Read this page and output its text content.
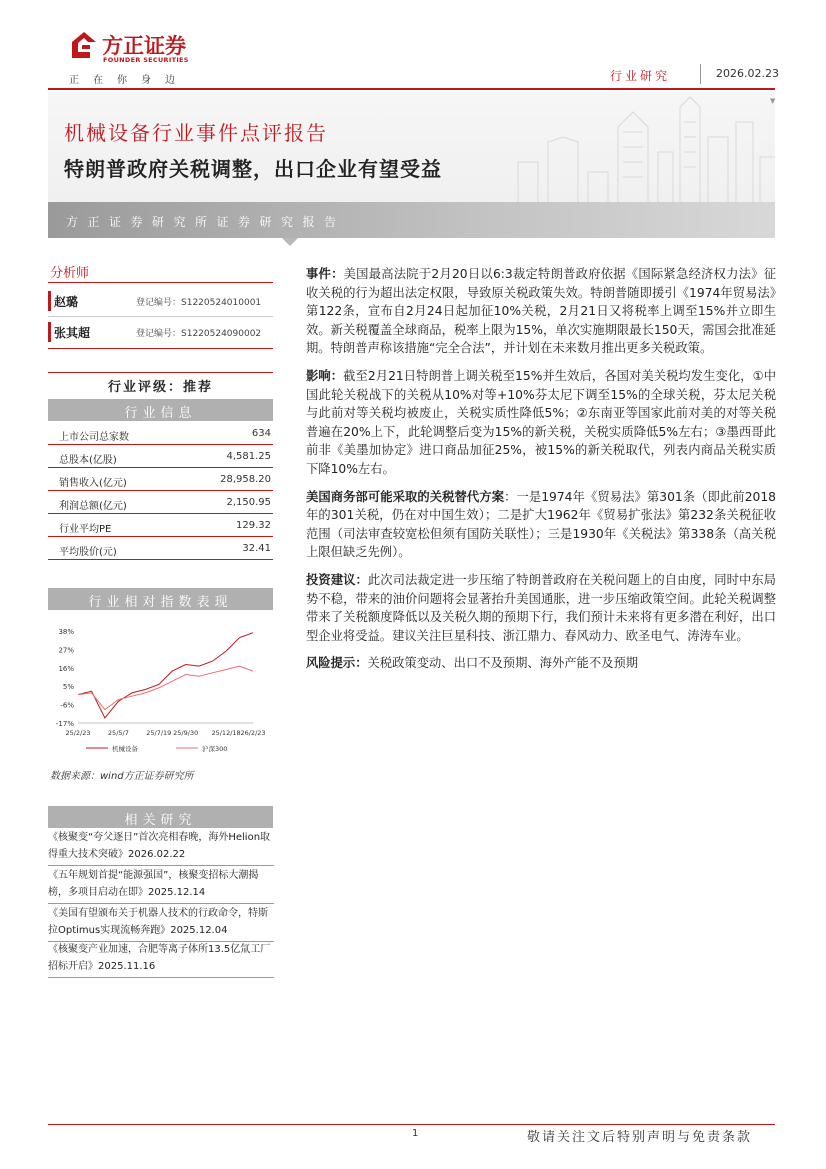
方正证券
FOUNDER SECURITIES
正在你身边	行业研究	2026.02.23
▼
机械设备行业事件点评报告
特朗普政府关税调整，出口企业有望受益
方正证券研究所证券研究报告
分析师
赵璐	登记编号：S1220524010001
张其超	登记编号：S1220524090002
行业评级：推荐
行业信息
上市公司总家数	634
总股本(亿股)	4,581.25
销售收入(亿元)	28,958.20
利润总额(亿元)	2,150.95
行业平均PE	129.32
平均股价(元)	32.41
行业相对指数表现
38%
27%
16%
5%
-6%
-17%
25/2/23	25/5/7	25/7/19 25/9/30 25/12/18 26/2/23
机械设备	沪深300
数据来源：wind方正证券研究所
相关研究
《核聚变“夸父逐日”首次亮相春晚，海外Helion取得重大技术突破》2026.02.22
《五年规划首提“能源强国”，核聚变招标大潮揭榜，多项目启动在即》2025.12.14
《美国有望颁布关于机器人技术的行政命令，特斯拉Optimus实现流畅奔跑》2025.12.04
《核聚变产业加速，合肥等离子体所13.5亿氚工厂招标开启》2025.11.16

事件：美国最高法院于2月20日以6:3裁定特朗普政府依据《国际紧急经济权力法》征收关税的行为超出法定权限，导致原关税政策失效。特朗普随即援引《1974年贸易法》第122条，宣布自2月24日起加征10%关税，2月21日又将税率上调至15%并立即生效。新关税覆盖全球商品，税率上限为15%，单次实施期限最长150天，需国会批准延期。特朗普声称该措施“完全合法”，并计划在未来数月推出更多关税政策。

影响：截至2月21日特朗普上调关税至15%并生效后，各国对美关税均发生变化，①中国此轮关税战下的关税从10%对等+10%芬太尼下调至15%的全球关税，芬太尼关税与此前对等关税均被废止，关税实质性降低5%；②东南亚等国家此前对美的对等关税普遍在20%上下，此轮调整后变为15%的新关税，关税实质降低5%左右；③墨西哥此前非《美墨加协定》进口商品加征25%，被15%的新关税取代，列表内商品关税实质下降10%左右。

美国商务部可能采取的关税替代方案：一是1974年《贸易法》第301条（即此前2018年的301关税，仍在对中国生效）；二是扩大1962年《贸易扩张法》第232条关税征收范围（司法审查较宽松但须有国防关联性）；三是1930年《关税法》第338条（高关税上限但缺乏先例）。

投资建议：此次司法裁定进一步压缩了特朗普政府在关税问题上的自由度，同时中东局势不稳，带来的油价问题将会显著抬升美国通胀，进一步压缩政策空间。此轮关税调整带来了关税额度降低以及关税久期的预期下行，我们预计未来将有更多潜在利好，出口型企业将受益。建议关注巨星科技、浙江鼎力、春风动力、欧圣电气、涛涛车业。

风险提示：关税政策变动、出口不及预期、海外产能不及预期

1	敬请关注文后特别声明与免责条款
